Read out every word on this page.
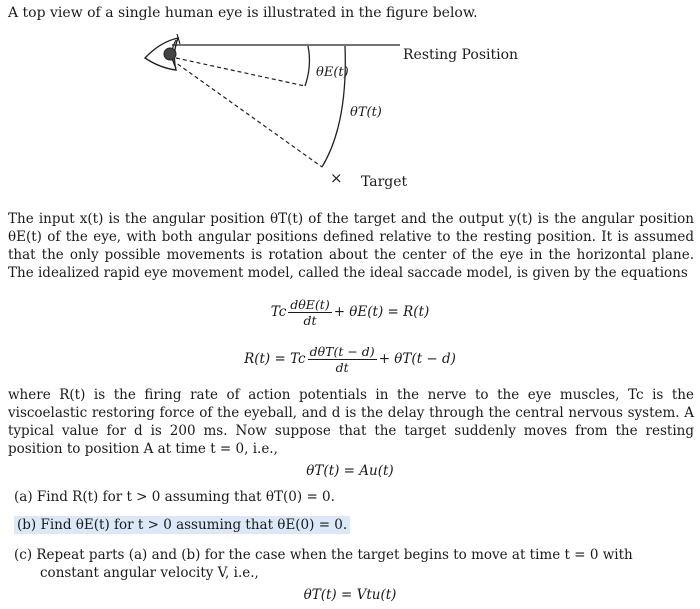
A top view of a single human eye is illustrated in the figure below.
θE(t)
θT(t)
Resting Position
× Target
The input x(t) is the angular position θT(t) of the target and the output y(t) is the angular position θE(t) of the eye, with both angular positions defined relative to the resting position. It is assumed that the only possible movements is rotation about the center of the eye in the horizontal plane. The idealized rapid eye movement model, called the ideal saccade model, is given by the equations
Tc $\frac{\text{dθE(t)}}{dt} + \theta E(t) = R(t)$
R(t) = Tc $\frac{\text{dθT(t − d)}}{dt} + \theta T(t - d)$
where R(t) is the firing rate of action potentials in the nerve to the eye muscles, Tc is the viscoelastic restoring force of the eyeball, and d is the delay through the central nervous system. A typical value for d is 200 ms. Now suppose that the target suddenly moves from the resting position to position A at time t = 0, i.e.,
θT(t) = Au(t)
(a) Find R(t) for t > 0 assuming that θT(0) = 0.
(b) Find θE(t) for t > 0 assuming that θE(0) = 0.
(c) Repeat parts (a) and (b) for the case when the target begins to move at time t = 0 with
constant angular velocity V, i.e.,
θT(t) = Vtu(t)
